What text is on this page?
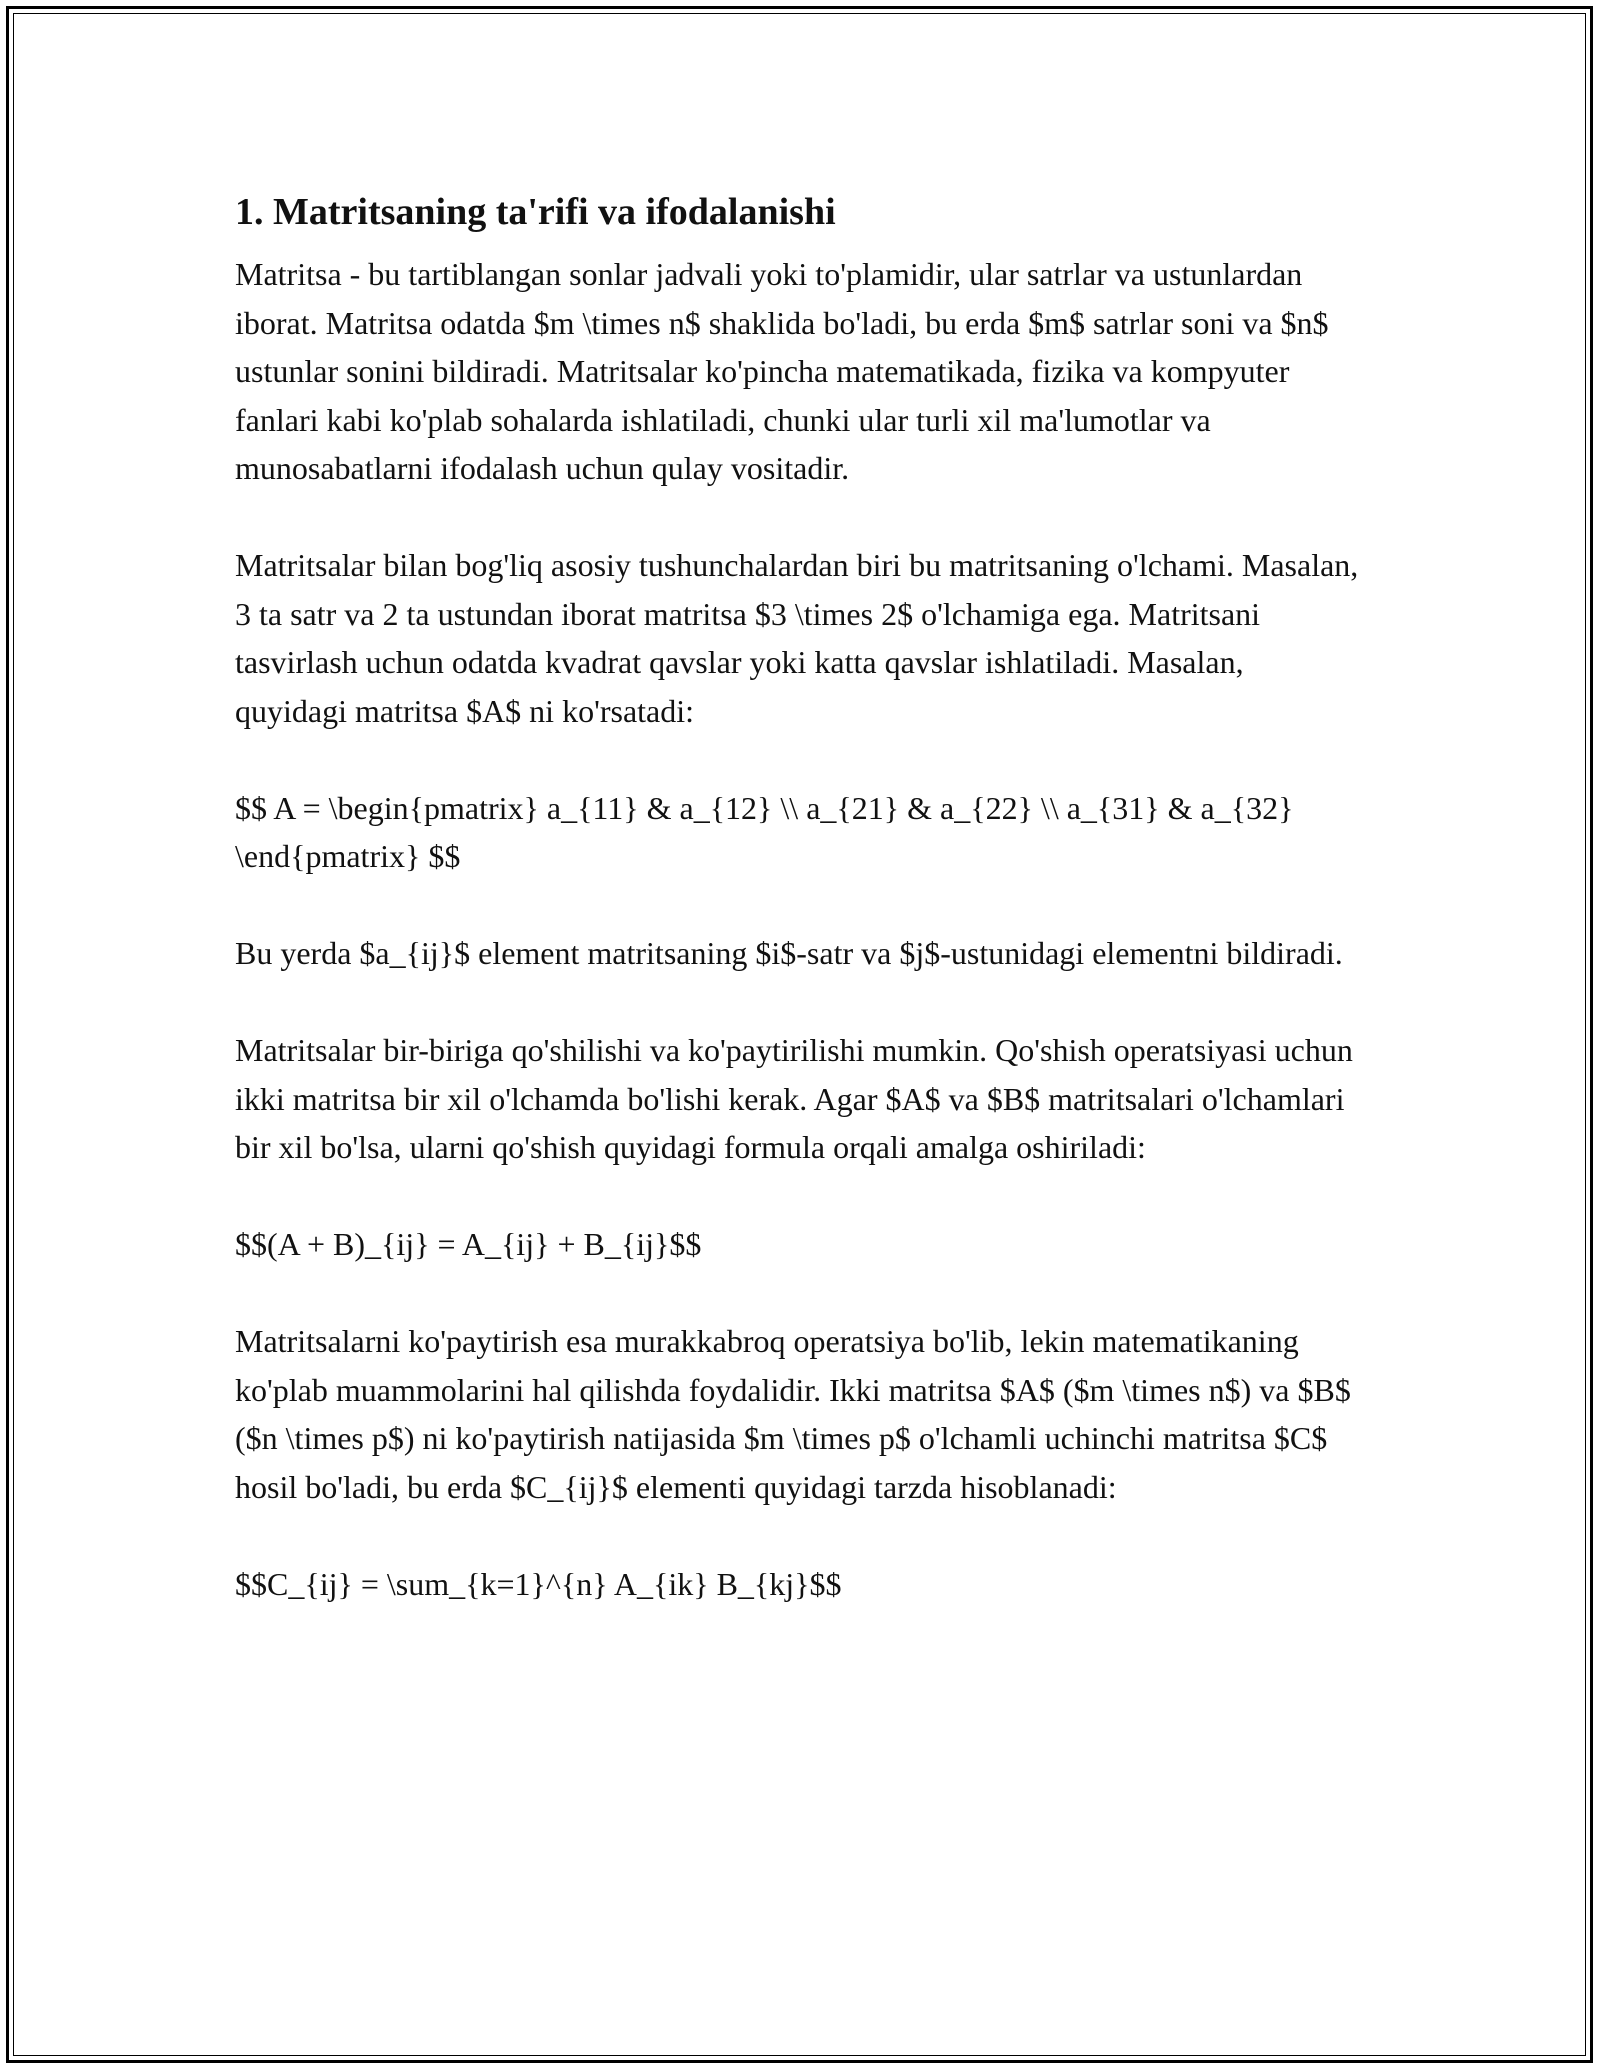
1. Matritsaning ta'rifi va ifodalanishi

Matritsa - bu tartiblangan sonlar jadvali yoki to'plamidir, ular satrlar va ustunlardan iborat. Matritsa odatda $m \times n$ shaklida bo'ladi, bu erda $m$ satrlar soni va $n$ ustunlar sonini bildiradi. Matritsalar ko'pincha matematikada, fizika va kompyuter fanlari kabi ko'plab sohalarda ishlatiladi, chunki ular turli xil ma'lumotlar va munosabatlarni ifodalash uchun qulay vositadir.

Matritsalar bilan bog'liq asosiy tushunchalardan biri bu matritsaning o'lchami. Masalan, 3 ta satr va 2 ta ustundan iborat matritsa $3 \times 2$ o'lchamiga ega. Matritsani tasvirlash uchun odatda kvadrat qavslar yoki katta qavslar ishlatiladi. Masalan, quyidagi matritsa $A$ ni ko'rsatadi:

$$ A = \begin{pmatrix} a_{11} & a_{12} \\ a_{21} & a_{22} \\ a_{31} & a_{32} \end{pmatrix} $$

Bu yerda $a_{ij}$ element matritsaning $i$-satr va $j$-ustunidagi elementni bildiradi.

Matritsalar bir-biriga qo'shilishi va ko'paytirilishi mumkin. Qo'shish operatsiyasi uchun ikki matritsa bir xil o'lchamda bo'lishi kerak. Agar $A$ va $B$ matritsalari o'lchamlari bir xil bo'lsa, ularni qo'shish quyidagi formula orqali amalga oshiriladi:

$$(A + B)_{ij} = A_{ij} + B_{ij}$$

Matritsalarni ko'paytirish esa murakkabroq operatsiya bo'lib, lekin matematikaning ko'plab muammolarini hal qilishda foydalidir. Ikki matritsa $A$ ($m \times n$) va $B$ ($n \times p$) ni ko'paytirish natijasida $m \times p$ o'lchamli uchinchi matritsa $C$ hosil bo'ladi, bu erda $C_{ij}$ elementi quyidagi tarzda hisoblanadi:

$$C_{ij} = \sum_{k=1}^{n} A_{ik} B_{kj}$$
